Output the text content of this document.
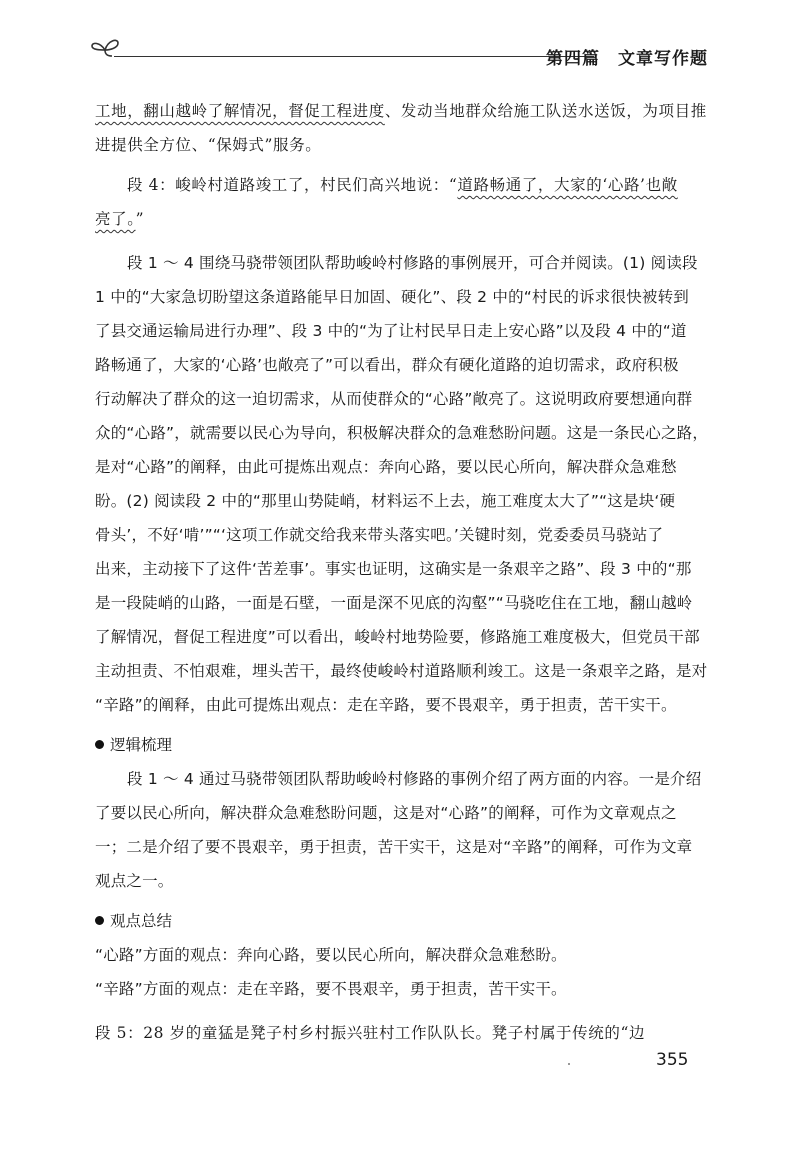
第四篇 文章写作题
工地，翻山越岭了解情况，督促工程进度、发动当地群众给施工队送水送饭，为项目推
进提供全方位、“保姆式”服务。
段 4：峻岭村道路竣工了，村民们高兴地说：“道路畅通了，大家的‘心路’也敞
亮了。”
段 1 ～ 4 围绕马骁带领团队帮助峻岭村修路的事例展开，可合并阅读。(1) 阅读段
1 中的“大家急切盼望这条道路能早日加固、硬化”、段 2 中的“村民的诉求很快被转到
了县交通运输局进行办理”、段 3 中的“为了让村民早日走上安心路”以及段 4 中的“道
路畅通了，大家的‘心路’也敞亮了”可以看出，群众有硬化道路的迫切需求，政府积极
行动解决了群众的这一迫切需求，从而使群众的“心路”敞亮了。这说明政府要想通向群
众的“心路”，就需要以民心为导向，积极解决群众的急难愁盼问题。这是一条民心之路，
是对“心路”的阐释，由此可提炼出观点：奔向心路，要以民心所向，解决群众急难愁
盼。(2) 阅读段 2 中的“那里山势陡峭，材料运不上去，施工难度太大了”“这是块‘硬
骨头’，不好‘啃’”“‘这项工作就交给我来带头落实吧。’关键时刻，党委委员马骁站了
出来，主动接下了这件‘苦差事’。事实也证明，这确实是一条艰辛之路”、段 3 中的“那
是一段陡峭的山路，一面是石壁，一面是深不见底的沟壑”“马骁吃住在工地，翻山越岭
了解情况，督促工程进度”可以看出，峻岭村地势险要，修路施工难度极大，但党员干部
主动担责、不怕艰难，埋头苦干，最终使峻岭村道路顺利竣工。这是一条艰辛之路，是对
“辛路”的阐释，由此可提炼出观点：走在辛路，要不畏艰辛，勇于担责，苦干实干。
逻辑梳理
段 1 ～ 4 通过马骁带领团队帮助峻岭村修路的事例介绍了两方面的内容。一是介绍
了要以民心所向，解决群众急难愁盼问题，这是对“心路”的阐释，可作为文章观点之
一；二是介绍了要不畏艰辛，勇于担责，苦干实干，这是对“辛路”的阐释，可作为文章
观点之一。
观点总结
“心路”方面的观点：奔向心路，要以民心所向，解决群众急难愁盼。
“辛路”方面的观点：走在辛路，要不畏艰辛，勇于担责，苦干实干。
段 5：28 岁的童猛是凳子村乡村振兴驻村工作队队长。凳子村属于传统的“边
355
